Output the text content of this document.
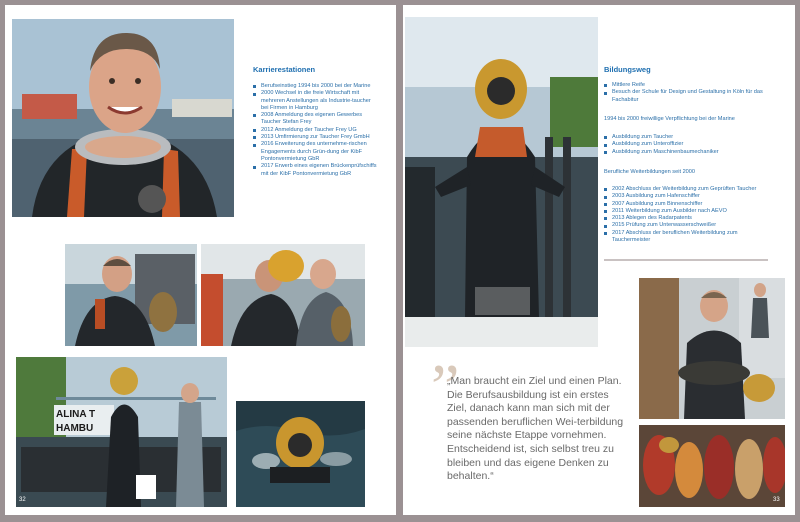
Karrierestationen
Berufseinstieg 1994 bis 2000 bei der Marine
2000 Wechsel in die freie Wirtschaft mit mehreren Anstellungen als Industrie-taucher bei Firmen in Hamburg
2008 Anmeldung des eigenen Gewerbes Taucher Stefan Frey
2012 Anmeldung der Taucher Frey UG
2013 Umfirmierung zur Taucher Frey GmbH
2016 Erweiterung des unternehme-rischen Engagements durch Grün-dung der KibF Pontonvermietung GbR
2017 Erwerb eines eigenen Brückenprüfschiffs mit der KibF Pontonvermietung GbR
ALINA T
HAMBU
32
Bildungsweg
Mittlere Reife
Besuch der Schule für Design und Gestaltung in Köln für das Fachabitur
1994 bis 2000 freiwillige Verpflichtung bei der Marine
Ausbildung zum Taucher
Ausbildung zum Unteroffizier
Ausbildung zum Maschinenbaumechaniker
Berufliche Weiterbildungen seit 2000
2002 Abschluss der Weiterbildung zum Geprüften Taucher
2003 Ausbildung zum Hafenschiffer
2007 Ausbildung zum Binnenschiffer
2011 Weiterbildung zum Ausbilder nach AEVO
2013 Ablegen des Radarpatents
2015 Prüfung zum Unterwasserschweißer
2017 Abschluss der beruflichen Weiterbildung zum Tauchermeister
”
„Man braucht ein Ziel und einen Plan. Die Berufsausbildung ist ein erstes Ziel, danach kann man sich mit der passenden beruflichen Wei-terbildung seine nächste Etappe vornehmen. Entscheidend ist, sich selbst treu zu bleiben und das eigene Denken zu behalten.“
33
